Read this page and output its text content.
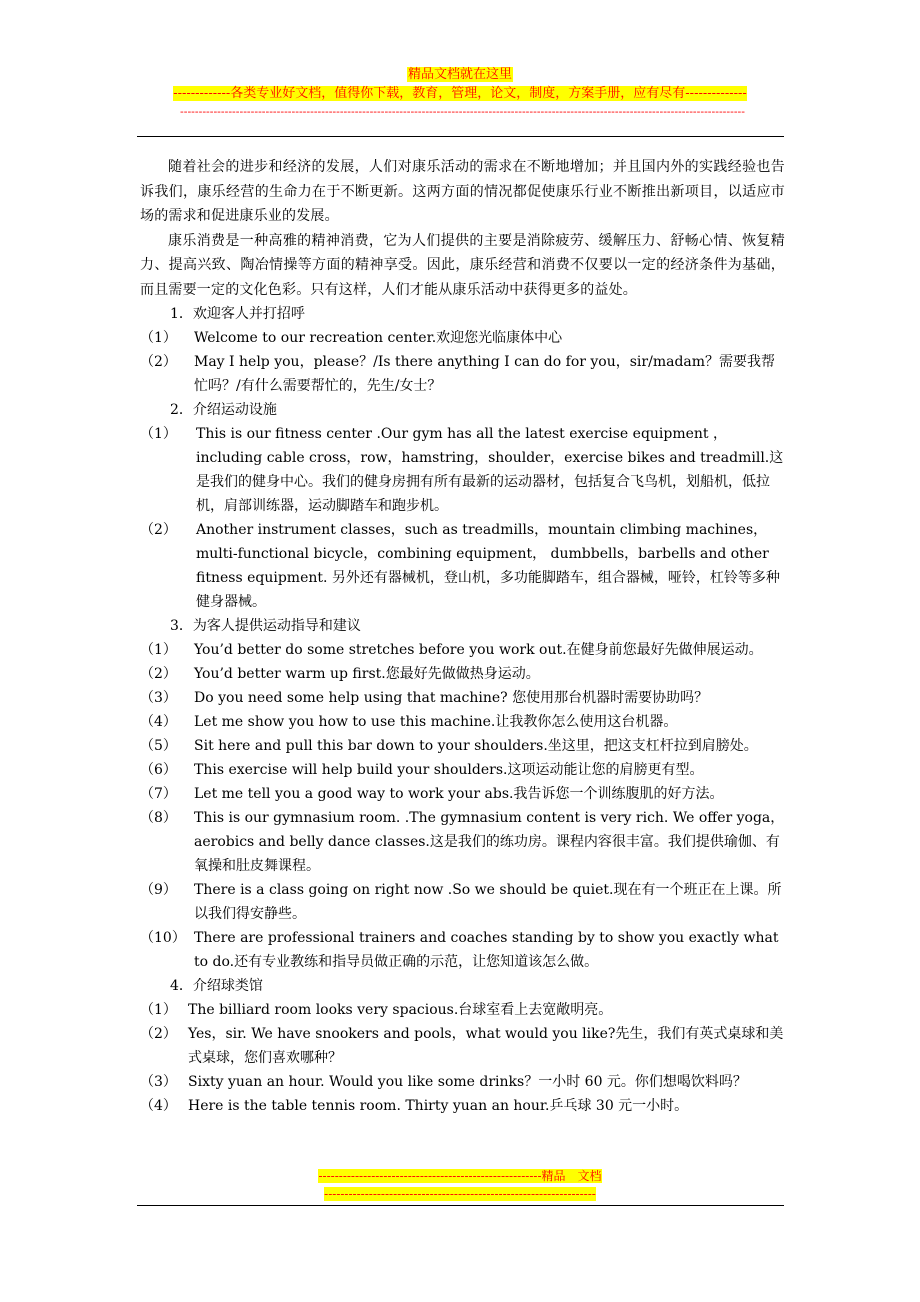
精品文档就在这里
-------------各类专业好文档，值得你下载，教育，管理，论文，制度，方案手册，应有尽有--------------
--------------------------------------------------------------------------------------------------------------------------------------------------------

随着社会的进步和经济的发展，人们对康乐活动的需求在不断地增加；并且国内外的实践经验也告诉我们，康乐经营的生命力在于不断更新。这两方面的情况都促使康乐行业不断推出新项目，以适应市场的需求和促进康乐业的发展。

康乐消费是一种高雅的精神消费，它为人们提供的主要是消除疲劳、缓解压力、舒畅心情、恢复精力、提高兴致、陶冶情操等方面的精神享受。因此，康乐经营和消费不仅要以一定的经济条件为基础，而且需要一定的文化色彩。只有这样，人们才能从康乐活动中获得更多的益处。

1．欢迎客人并打招呼

（1）	Welcome to our recreation center.欢迎您光临康体中心
（2）	May I help you，please？/Is there anything I can do for you，sir/madam？需要我帮忙吗？/有什么需要帮忙的，先生/女士？

2．介绍运动设施

（1）	This is our fitness center .Our gym has all the latest exercise equipment ，including cable cross，row，hamstring，shoulder，exercise bikes and treadmill.这是我们的健身中心。我们的健身房拥有所有最新的运动器材，包括复合飞鸟机，划船机，低拉机，肩部训练器，运动脚踏车和跑步机。
（2）	Another instrument classes，such as treadmills，mountain climbing machines，multi-functional bicycle，combining equipment， dumbbells，barbells and other fitness equipment. 另外还有器械机，登山机，多功能脚踏车，组合器械，哑铃，杠铃等多种健身器械。

3．为客人提供运动指导和建议

（1）	You’d better do some stretches before you work out.在健身前您最好先做伸展运动。
（2）	You’d better warm up first.您最好先做做热身运动。
（3）	Do you need some help using that machine? 您使用那台机器时需要协助吗？
（4）	Let me show you how to use this machine.让我教你怎么使用这台机器。
（5）	Sit here and pull this bar down to your shoulders.坐这里，把这支杠杆拉到肩膀处。
（6）	This exercise will help build your shoulders.这项运动能让您的肩膀更有型。
（7）	Let me tell you a good way to work your abs.我告诉您一个训练腹肌的好方法。
（8）	This is our gymnasium room. .The gymnasium content is very rich. We offer yoga，aerobics and belly dance classes.这是我们的练功房。课程内容很丰富。我们提供瑜伽、有氧操和肚皮舞课程。
（9）	There is a class going on right now .So we should be quiet.现在有一个班正在上课。所以我们得安静些。
（10） There are professional trainers and coaches standing by to show you exactly what to do.还有专业教练和指导员做正确的示范，让您知道该怎么做。

4．介绍球类馆

（1） The billiard room looks very spacious.台球室看上去宽敞明亮。
（2） Yes，sir. We have snookers and pools，what would you like?先生，我们有英式桌球和美式桌球，您们喜欢哪种？
（3） Sixty yuan an hour. Would you like some drinks？一小时 60 元。你们想喝饮料吗？
（4） Here is the table tennis room. Thirty yuan an hour.乒乓球 30 元一小时。
-------------------------------------------------------精品　文档
-------------------------------------------------------------------
